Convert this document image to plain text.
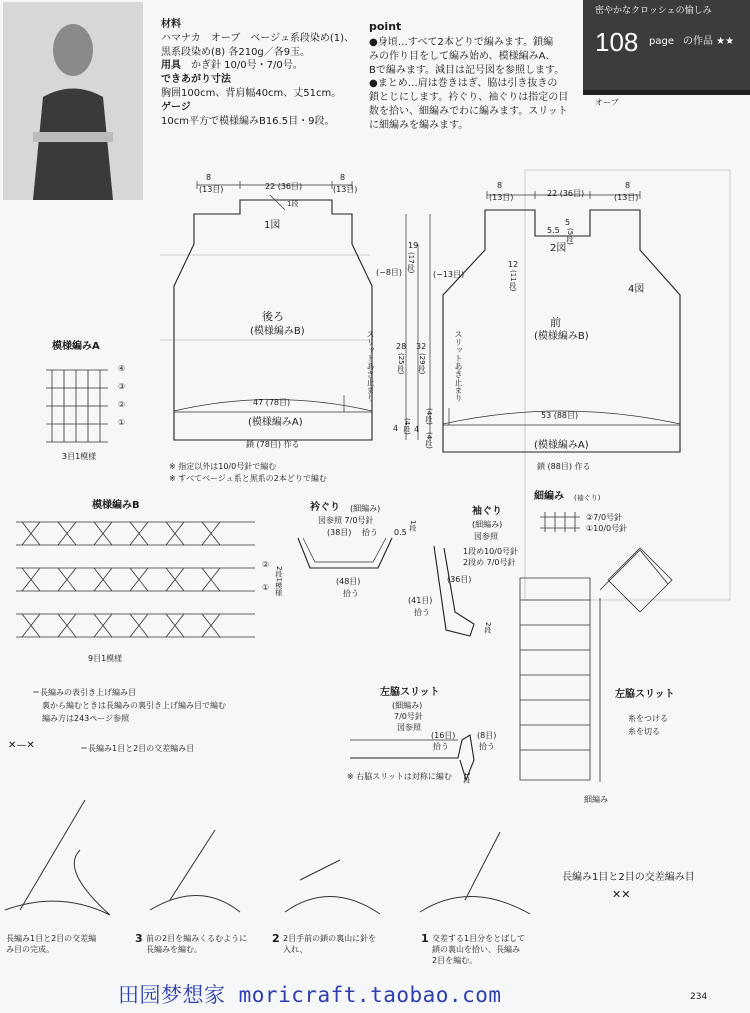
密やかなクロッシェの愉しみ
108 page の作品 ★★
オーブ
材料
ハマナカ　オーブ　ベージュ系段染め(1)、
黒系段染め(8) 各210g／各9玉。
用具　 かぎ針 10/0号・7/0号。
できあがり寸法
胸囲100cm、背肩幅40cm、丈51cm。
ゲージ
10cm平方で模様編みB16.5目・9段。
point
●身頃…すべて2本どりで編みます。鎖編
みの作り目をして編み始め、模様編みA、
Bで編みます。減目は記号図を参照します。
●まとめ…肩は巻きはぎ、脇は引き抜きの
鎖とじにします。衿ぐり、袖ぐりは指定の目
数を拾い、細編みでわに編みます。スリット
に細編みを編みます。
8
(13目)	22 (36目)
8
(13目)
1段
1図
後ろ
(模様編みB)
47 (78目)
(模様編みA)
鎖 (78目) 作る
スリットあき止まり
(−8目)
19
(17段)
28
(25段)
32
(29段)
4 (4段) 4
(4段)
※ 指定以外は10/0号針で編む
※ すべてベージュ系と黒系の2本どりで編む
8
(13目)	22 (36目)
8
(13目)
5.5
5
(5段)
2図
4図
(−13目)
12
(11段)
前
(模様編みB)
スリットあき止まり
53 (88目)
(模様編みA)
鎖 (88目) 作る
(4段)
模様編みA
④
③
②
①
3目1模様
模様編みB
②
① 2段1模様
9目1模様
衿ぐり (細編み)
図参照 7/0号針
0.5
1段
(38目) 拾う
(48目)
拾う
袖ぐり
(細編み)
図参照
1段め10/0号針
2段め 7/0号針
(36目)
(41目)
拾う
2段
細編み (袖ぐり)
②7/0号針
①10/0号針
左脇スリット
(細編み)
7/0号針
図参照
(16目)
拾う
(8目)
拾う
1段
※ 右脇スリットは対称に編む
左脇スリット
糸をつける
糸を切る
細編み
＝長編みの表引き上げ編み目
裏から編むときは長編みの裏引き上げ編み目で編む
編み方は243ページ参照
✕—✕	＝長編み1目と2目の交差編み目
長編み1目と2目の交差編
み目の完成。
3 前の2目を編みくるむように
長編みを編む。
2 2目手前の鎖の裏山に針を
入れ、
1 交差する1目分をとばして
鎖の裏山を拾い、長編み
2目を編む。
長編み1目と2目の交差編み目
✕✕
田园梦想家 moricraft.taobao.com	234
